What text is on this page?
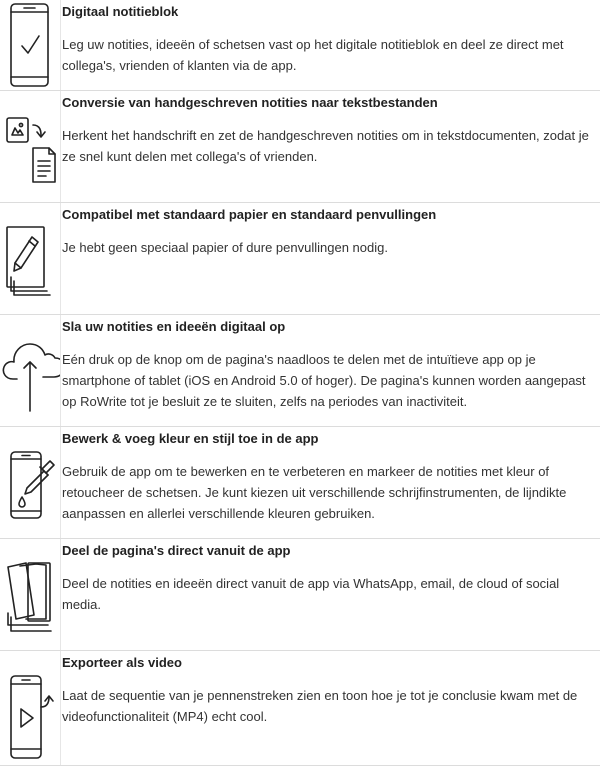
Digitaal notitieblok

Leg uw notities, ideeën of schetsen vast op het digitale notitieblok en deel ze direct met collega's, vrienden of klanten via de app.

Conversie van handgeschreven notities naar tekstbestanden

Herkent het handschrift en zet de handgeschreven notities om in tekstdocumenten, zodat je ze snel kunt delen met collega's of vrienden.

Compatibel met standaard papier en standaard penvullingen

Je hebt geen speciaal papier of dure penvullingen nodig.

Sla uw notities en ideeën digitaal op

Eén druk op de knop om de pagina's naadloos te delen met de intuïtieve app op je smartphone of tablet (iOS en Android 5.0 of hoger). De pagina's kunnen worden aangepast op RoWrite tot je besluit ze te sluiten, zelfs na periodes van inactiviteit.

Bewerk & voeg kleur en stijl toe in de app

Gebruik de app om te bewerken en te verbeteren en markeer de notities met kleur of retoucheer de schetsen. Je kunt kiezen uit verschillende schrijfinstrumenten, de lijndikte aanpassen en allerlei verschillende kleuren gebruiken.

Deel de pagina's direct vanuit de app

Deel de notities en ideeën direct vanuit de app via WhatsApp, email, de cloud of social media.

Exporteer als video

Laat de sequentie van je pennenstreken zien en toon hoe je tot je conclusie kwam met de videofunctionaliteit (MP4) echt cool.
